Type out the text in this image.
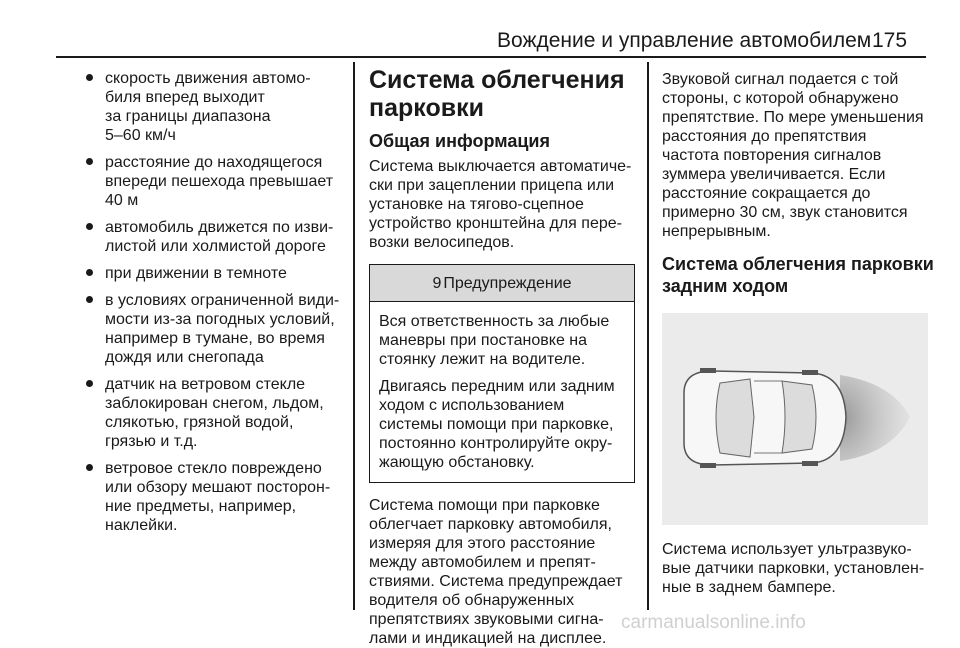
Вождение и управление автомобилем 175
скорость движения автомо-
биля вперед выходит
за границы диапазона
5–60 км/ч
расстояние до находящегося
впереди пешехода превышает
40 м
автомобиль движется по изви-
листой или холмистой дороге
при движении в темноте
в условиях ограниченной види-
мости из-за погодных условий,
например в тумане, во время
дождя или снегопада
датчик на ветровом стекле
заблокирован снегом, льдом,
слякотью, грязной водой,
грязью и т.д.
ветровое стекло повреждено
или обзору мешают посторон-
ние предметы, например,
наклейки.
Система облегчения
парковки
Общая информация

Система выключается автоматиче-
ски при зацеплении прицепа или
установке на тягово-сцепное
устройство кронштейна для пере-
возки велосипедов.

9 Предупреждение

Вся ответственность за любые
маневры при постановке на
стоянку лежит на водителе.

Двигаясь передним или задним
ходом с использованием
системы помощи при парковке,
постоянно контролируйте окру-
жающую обстановку.

Система помощи при парковке
облегчает парковку автомобиля,
измеряя для этого расстояние
между автомобилем и препят-
ствиями. Система предупреждает
водителя об обнаруженных
препятствиях звуковыми сигна-
лами и индикацией на дисплее.

Звуковой сигнал подается с той
стороны, с которой обнаружено
препятствие. По мере уменьшения
расстояния до препятствия
частота повторения сигналов
зуммера увеличивается. Если
расстояние сокращается до
примерно 30 см, звук становится
непрерывным.

Система облегчения парковки
задним ходом

Система использует ультразвуко-
вые датчики парковки, установлен-
ные в заднем бампере.

carmanualsonline.info
